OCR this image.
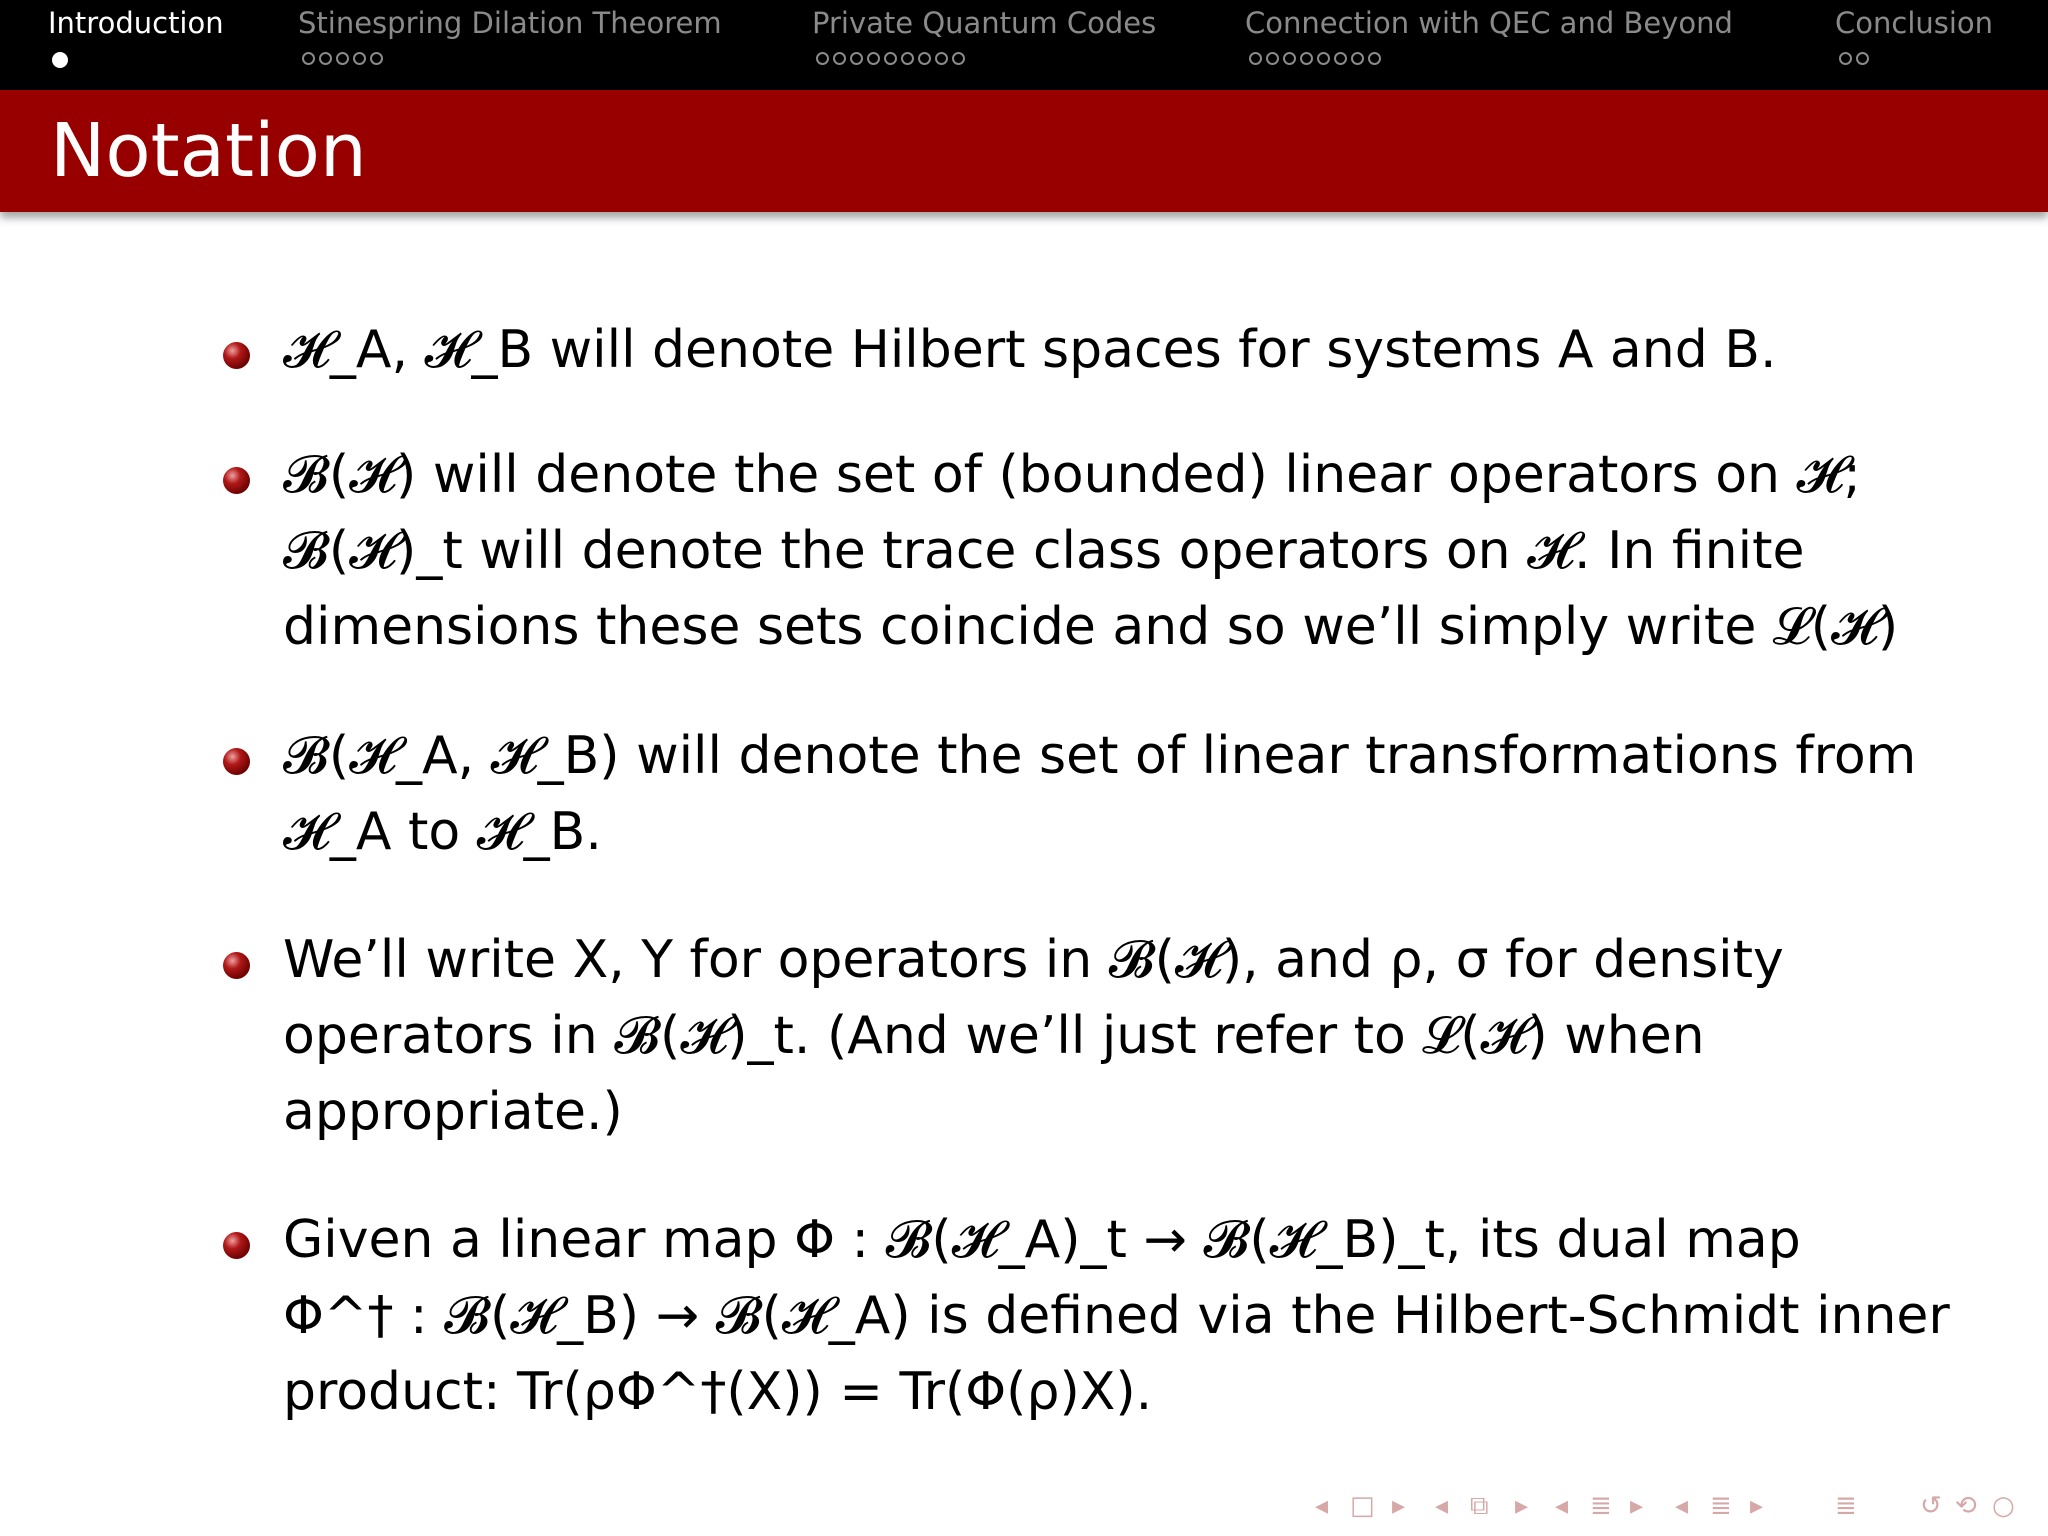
Introduction	Stinespring Dilation Theorem	Private Quantum Codes	Connection with QEC and Beyond	Conclusion
Notation
𝓗_A, 𝓗_B will denote Hilbert spaces for systems A and B.
𝓑(𝓗) will denote the set of (bounded) linear operators on 𝓗;
𝓑(𝓗)_t will denote the trace class operators on 𝓗. In finite
dimensions these sets coincide and so we’ll simply write 𝓛(𝓗)
𝓑(𝓗_A, 𝓗_B) will denote the set of linear transformations from
𝓗_A to 𝓗_B.
We’ll write X, Y for operators in 𝓑(𝓗), and ρ, σ for density
operators in 𝓑(𝓗)_t. (And we’ll just refer to 𝓛(𝓗) when
appropriate.)
Given a linear map Φ : 𝓑(𝓗_A)_t → 𝓑(𝓗_B)_t, its dual map
Φ^† : 𝓑(𝓗_B) → 𝓑(𝓗_A) is defined via the Hilbert-Schmidt inner
product: Tr(ρΦ^†(X)) = Tr(Φ(ρ)X).
◂ □ ▸ ◂ ⧉ ▸ ◂ ≣ ▸ ◂ ≣ ▸	≣ ↺ ⟲ ○
